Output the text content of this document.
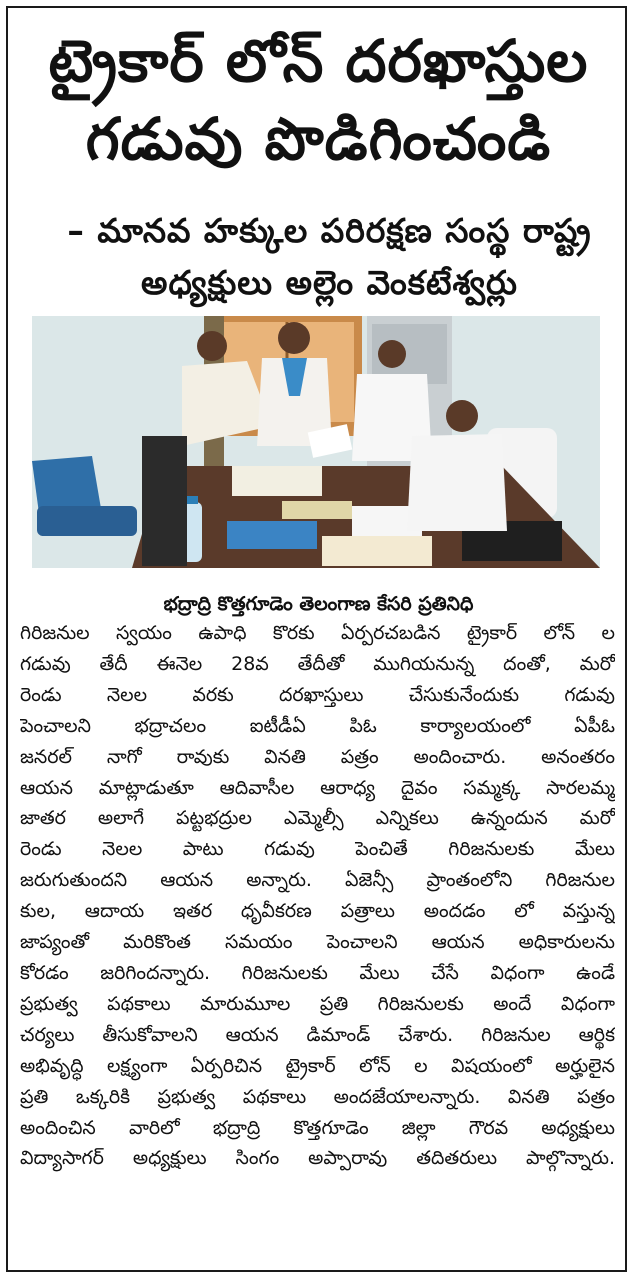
ట్రైకార్ లోన్ దరఖాస్తుల
గడువు పొడిగించండి
– మానవ హక్కుల పరిరక్షణ సంస్థ రాష్ట్ర
అధ్యక్షులు అల్లెం వెంకటేశ్వర్లు
భద్రాద్రి కొత్తగూడెం తెలంగాణ కేసరి ప్రతినిధి
గిరిజనుల స్వయం ఉపాధి కొరకు ఏర్పరచబడిన ట్రైకార్ లోన్ ల
గడువు తేదీ ఈనెల 28వ తేదీతో ముగియనున్న దంతో, మరో
రెండు నెలల వరకు దరఖాస్తులు చేసుకునేందుకు గడువు
పెంచాలని భద్రాచలం ఐటీడీఏ పిఓ కార్యాలయంలో ఏపీఓ
జనరల్ నాగో రావుకు వినతి పత్రం అందించారు. అనంతరం
ఆయన మాట్లాడుతూ ఆదివాసీల ఆరాధ్య దైవం సమ్మక్క సారలమ్మ
జాతర అలాగే పట్టభద్రుల ఎమ్మెల్సీ ఎన్నికలు ఉన్నందున మరో
రెండు నెలల పాటు గడువు పెంచితే గిరిజనులకు మేలు
జరుగుతుందని ఆయన అన్నారు. ఏజెన్సీ ప్రాంతంలోని గిరిజనుల
కుల, ఆదాయ ఇతర ధృవీకరణ పత్రాలు అందడం లో వస్తున్న
జాప్యంతో మరికొంత సమయం పెంచాలని ఆయన అధికారులను
కోరడం జరిగిందన్నారు. గిరిజనులకు మేలు చేసే విధంగా ఉండే
ప్రభుత్వ పథకాలు మారుమూల ప్రతి గిరిజనులకు అందే విధంగా
చర్యలు తీసుకోవాలని ఆయన డిమాండ్ చేశారు. గిరిజనుల ఆర్థిక
అభివృద్ధి లక్ష్యంగా ఏర్పరిచిన ట్రైకార్ లోన్ ల విషయంలో అర్హులైన
ప్రతి ఒక్కరికి ప్రభుత్వ పథకాలు అందజేయాలన్నారు. వినతి పత్రం
అందించిన వారిలో భద్రాద్రి కొత్తగూడెం జిల్లా గౌరవ అధ్యక్షులు
విద్యాసాగర్ అధ్యక్షులు సింగం అప్పారావు తదితరులు పాల్గొన్నారు.
